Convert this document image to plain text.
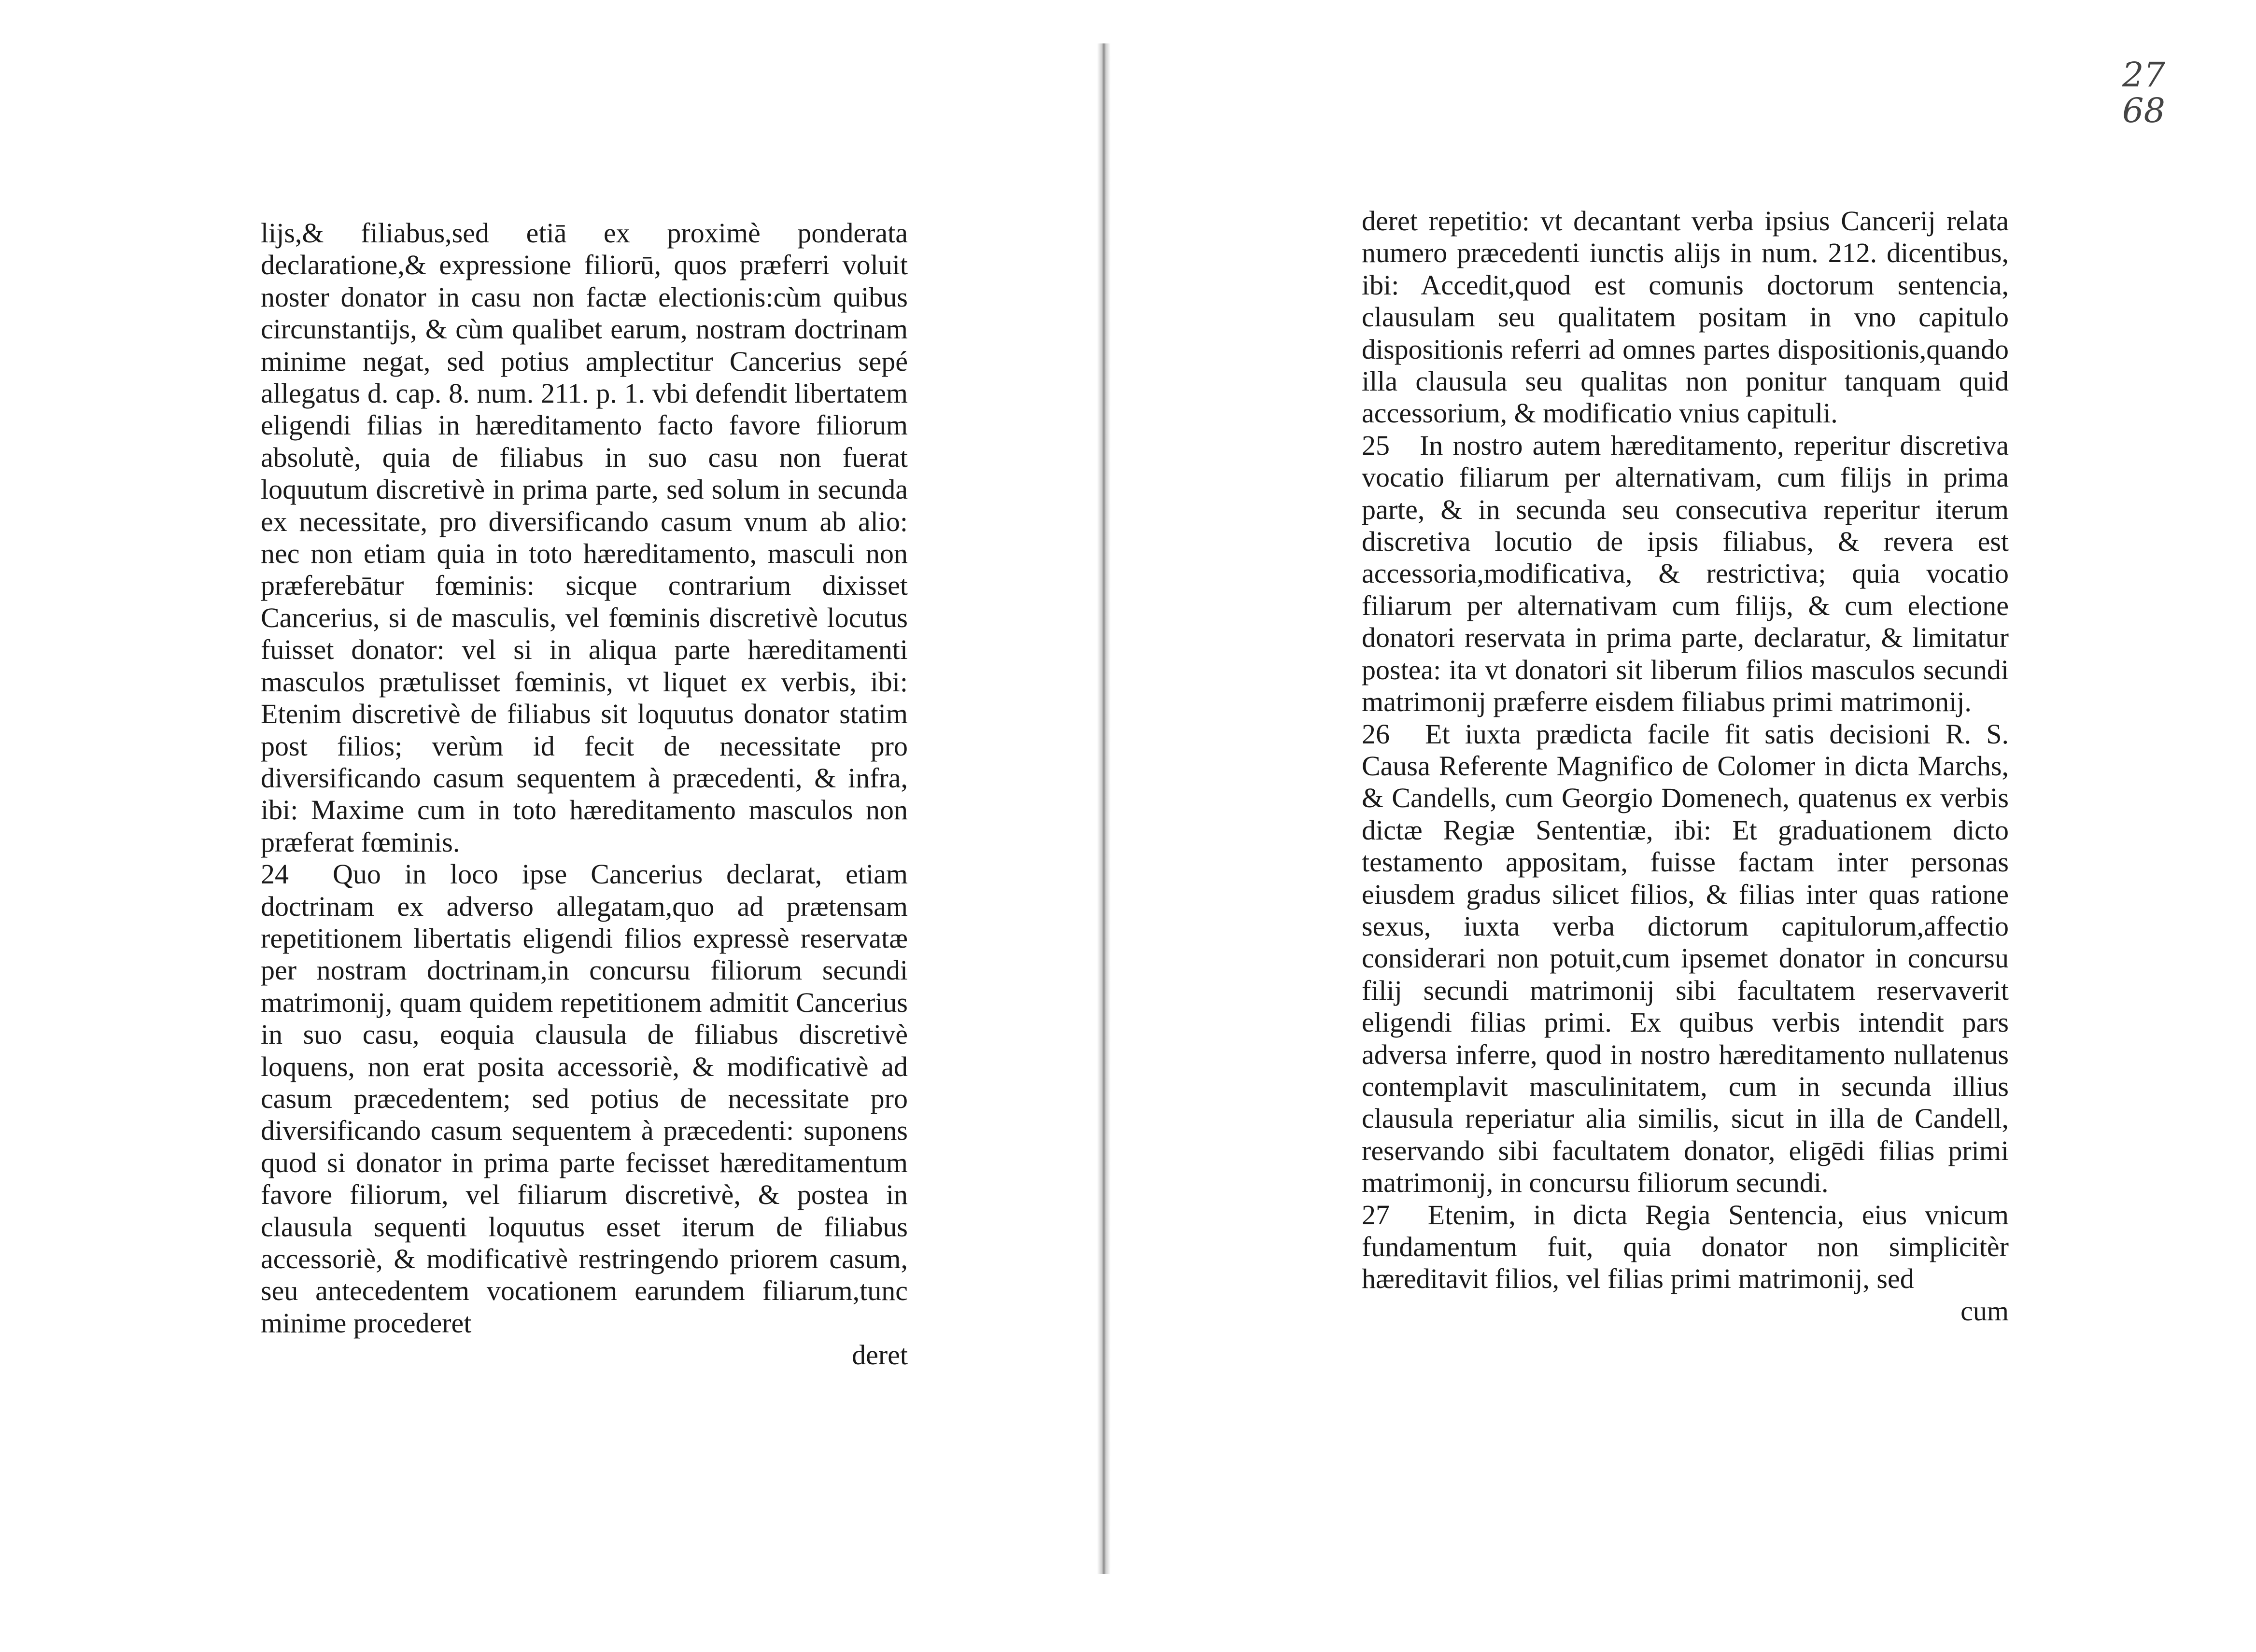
27
68

lijs,& filiabus,sed etiā ex proximè ponderata declaratione,& expressione filiorū, quos præferri voluit noster donator in casu non factæ electionis:cùm quibus circunstantijs, & cùm qualibet earum, nostram doctrinam minime negat, sed potius amplectitur Cancerius sepé allegatus d. cap. 8. num. 211. p. 1. vbi defendit libertatem eligendi filias in hæreditamento facto favore filiorum absolutè, quia de filiabus in suo casu non fuerat loquutum discretivè in prima parte, sed solum in secunda ex necessitate, pro diversificando casum vnum ab alio: nec non etiam quia in toto hæreditamento, masculi non præferebātur fœminis: sicque contrarium dixisset Cancerius, si de masculis, vel fœminis discretivè locutus fuisset donator: vel si in aliqua parte hæreditamenti masculos prætulisset fœminis, vt liquet ex verbis, ibi: Etenim discretivè de filiabus sit loquutus donator statim post filios; verùm id fecit de necessitate pro diversificando casum sequentem à præcedenti, & infra, ibi: Maxime cum in toto hæreditamento masculos non præferat fœminis.

24 Quo in loco ipse Cancerius declarat, etiam doctrinam ex adverso allegatam,quo ad prætensam repetitionem libertatis eligendi filios expressè reservatæ per nostram doctrinam,in concursu filiorum secundi matrimonij, quam quidem repetitionem admitit Cancerius in suo casu, eoquia clausula de filiabus discretivè loquens, non erat posita accessoriè, & modificativè ad casum præcedentem; sed potius de necessitate pro diversificando casum sequentem à præcedenti: suponens quod si donator in prima parte fecisset hæreditamentum favore filiorum, vel filiarum discretivè, & postea in clausula sequenti loquutus esset iterum de filiabus accessoriè, & modificativè restringendo priorem casum, seu antecedentem vocationem earundem filiarum,tunc minime procederet

deret

deret repetitio: vt decantant verba ipsius Cancerij relata numero præcedenti iunctis alijs in num. 212. dicentibus, ibi: Accedit,quod est comunis doctorum sentencia, clausulam seu qualitatem positam in vno capitulo dispositionis referri ad omnes partes dispositionis,quando illa clausula seu qualitas non ponitur tanquam quid accessorium, & modificatio vnius capituli.

25 In nostro autem hæreditamento, reperitur discretiva vocatio filiarum per alternativam, cum filijs in prima parte, & in secunda seu consecutiva reperitur iterum discretiva locutio de ipsis filiabus, & revera est accessoria,modificativa, & restrictiva; quia vocatio filiarum per alternativam cum filijs, & cum electione donatori reservata in prima parte, declaratur, & limitatur postea: ita vt donatori sit liberum filios masculos secundi matrimonij præferre eisdem filiabus primi matrimonij.

26 Et iuxta prædicta facile fit satis decisioni R. S. Causa Referente Magnifico de Colomer in dicta Marchs, & Candells, cum Georgio Domenech, quatenus ex verbis dictæ Regiæ Sententiæ, ibi: Et graduationem dicto testamento appositam, fuisse factam inter personas eiusdem gradus silicet filios, & filias inter quas ratione sexus, iuxta verba dictorum capitulorum,affectio considerari non potuit,cum ipsemet donator in concursu filij secundi matrimonij sibi facultatem reservaverit eligendi filias primi. Ex quibus verbis intendit pars adversa inferre, quod in nostro hæreditamento nullatenus contemplavit masculinitatem, cum in secunda illius clausula reperiatur alia similis, sicut in illa de Candell, reservando sibi facultatem donator, eligēdi filias primi matrimonij, in concursu filiorum secundi.

27 Etenim, in dicta Regia Sentencia, eius vnicum fundamentum fuit, quia donator non simplicitèr hæreditavit filios, vel filias primi matrimonij, sed

cum
